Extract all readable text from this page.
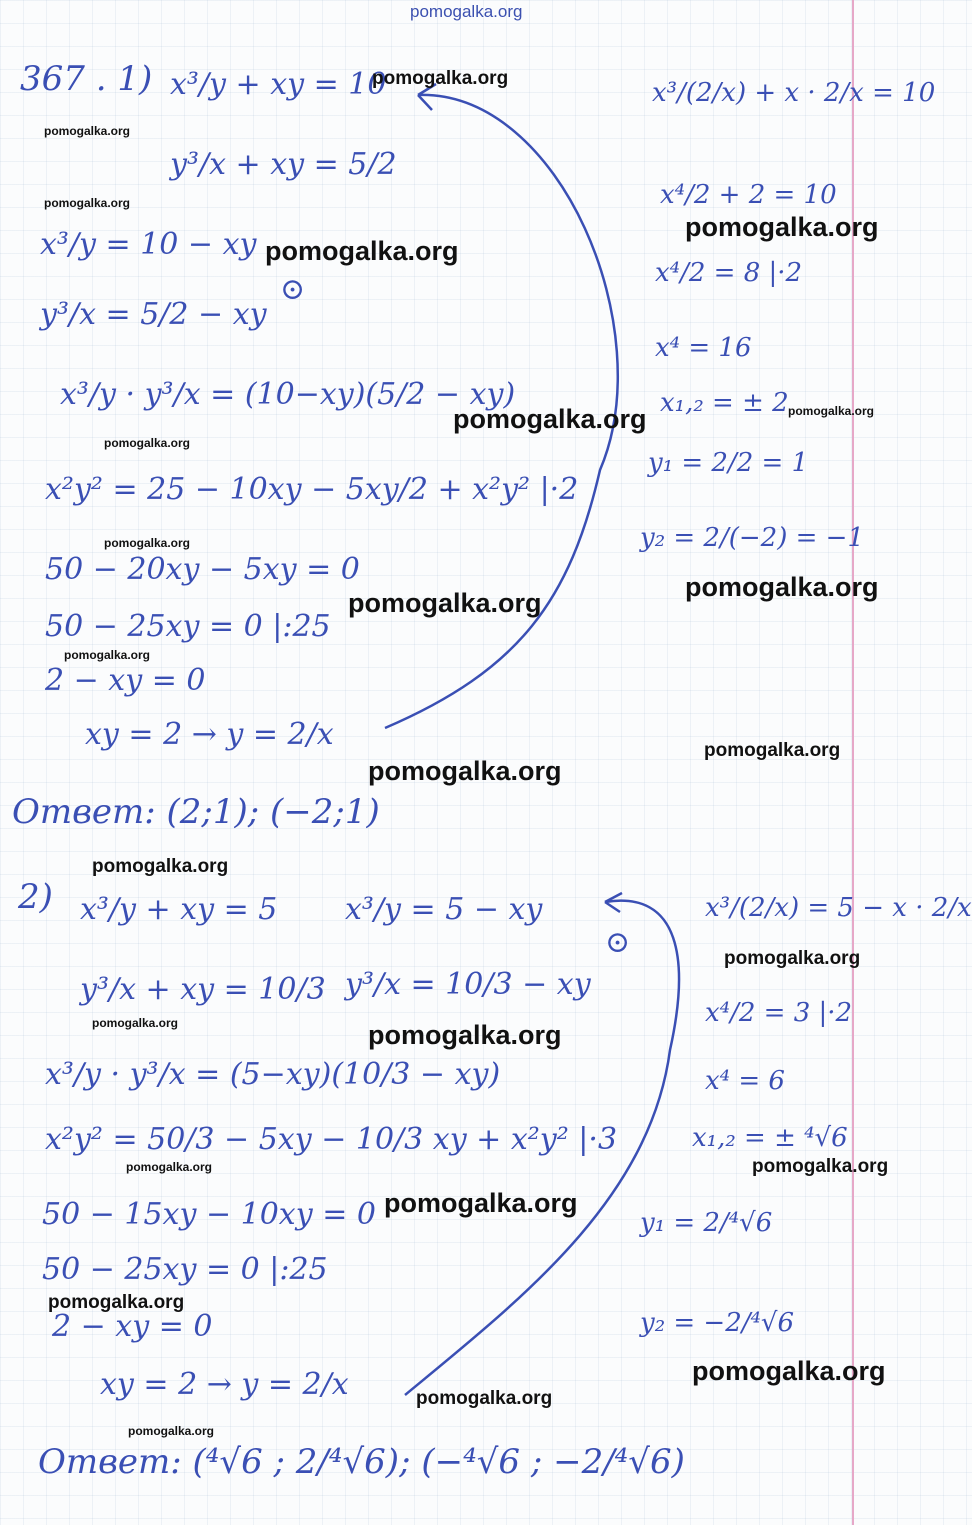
pomogalka.org
367 . 1) x³/y + xy = 10
y³/x + xy = 5/2
x³/y = 10 − xy
y³/x = 5/2 − xy
⊙
x³/y · y³/x = (10−xy)(5/2 − xy)
x²y² = 25 − 10xy − 5xy/2 + x²y² |·2
50 − 20xy − 5xy = 0
50 − 25xy = 0 |:25
2 − xy = 0
xy = 2 → y = 2/x
Ответ: (2;1); (−2;1)
x³/(2/x) + x · 2/x = 10
x⁴/2 + 2 = 10
x⁴/2 = 8 |·2
x⁴ = 16
x₁,₂ = ± 2
y₁ = 2/2 = 1
y₂ = 2/(−2) = −1
2) x³/y + xy = 5
y³/x + xy = 10/3
x³/y = 5 − xy
y³/x = 10/3 − xy
⊙
x³/y · y³/x = (5−xy)(10/3 − xy)
x²y² = 50/3 − 5xy − 10/3 xy + x²y² |·3
50 − 15xy − 10xy = 0
50 − 25xy = 0 |:25
2 − xy = 0
xy = 2 → y = 2/x
Ответ: (⁴√6 ; 2/⁴√6); (−⁴√6 ; −2/⁴√6)
x³/(2/x) = 5 − x · 2/x
x⁴/2 = 3 |·2
x⁴ = 6
x₁,₂ = ± ⁴√6
y₁ = 2/⁴√6
y₂ = −2/⁴√6
pomogalka.org
pomogalka.org
pomogalka.org
pomogalka.org
pomogalka.org
pomogalka.org
pomogalka.org
pomogalka.org
pomogalka.org
pomogalka.org
pomogalka.org
pomogalka.org
pomogalka.org
pomogalka.org
pomogalka.org
pomogalka.org
pomogalka.org	pomogalka.org
pomogalka.org	pomogalka.org
pomogalka.org
pomogalka.org
pomogalka.org
pomogalka.org
pomogalka.org
